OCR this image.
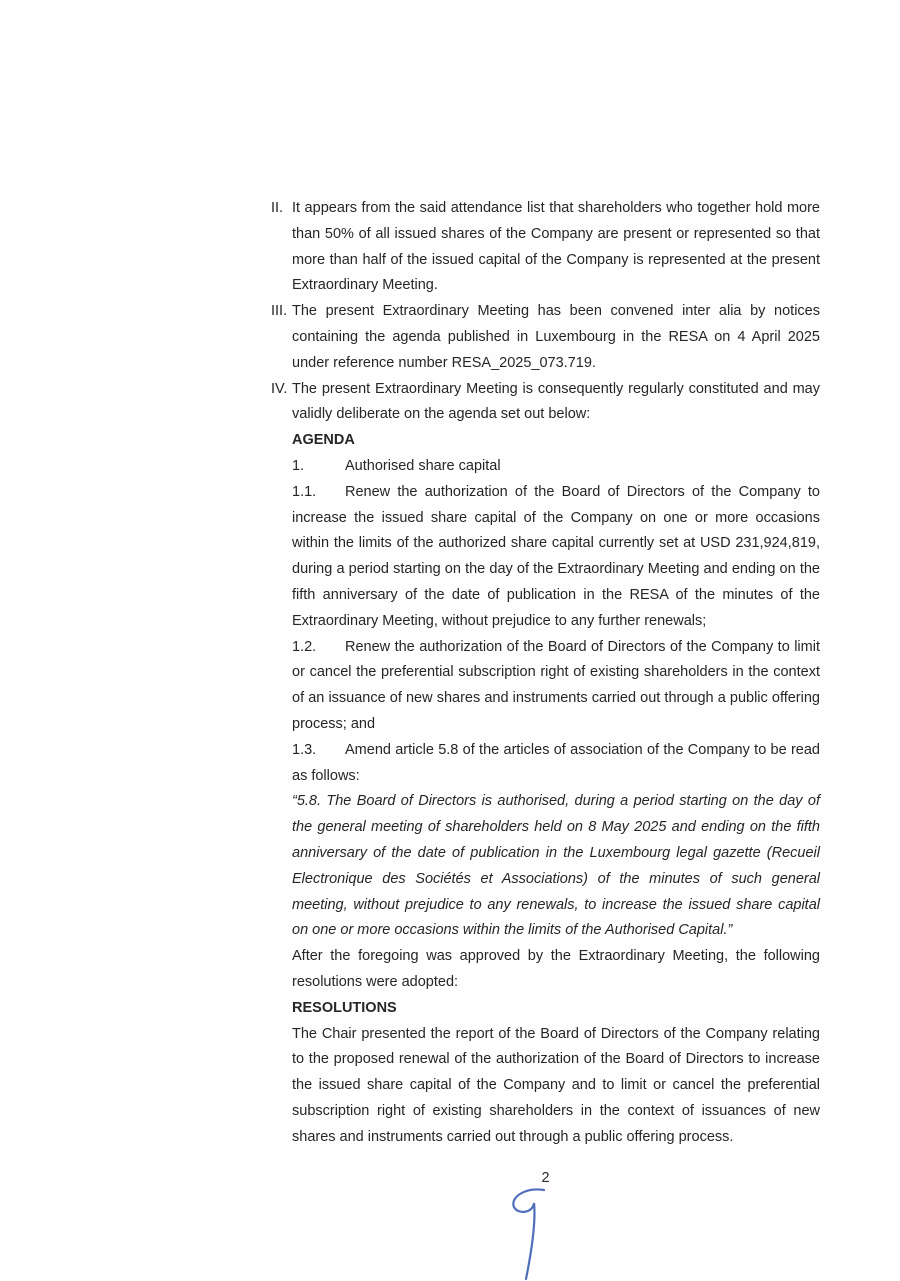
II. It appears from the said attendance list that shareholders who together hold more than 50% of all issued shares of the Company are present or represented so that more than half of the issued capital of the Company is represented at the present Extraordinary Meeting.

III. The present Extraordinary Meeting has been convened inter alia by notices containing the agenda published in Luxembourg in the RESA on 4 April 2025 under reference number RESA_2025_073.719.

IV. The present Extraordinary Meeting is consequently regularly constituted and may validly deliberate on the agenda set out below:

AGENDA

1.	Authorised share capital

1.1. Renew the authorization of the Board of Directors of the Company to increase the issued share capital of the Company on one or more occasions within the limits of the authorized share capital currently set at USD 231,924,819, during a period starting on the day of the Extraordinary Meeting and ending on the fifth anniversary of the date of publication in the RESA of the minutes of the Extraordinary Meeting, without prejudice to any further renewals;

1.2. Renew the authorization of the Board of Directors of the Company to limit or cancel the preferential subscription right of existing shareholders in the context of an issuance of new shares and instruments carried out through a public offering process; and

1.3. Amend article 5.8 of the articles of association of the Company to be read as follows:

“5.8. The Board of Directors is authorised, during a period starting on the day of the general meeting of shareholders held on 8 May 2025 and ending on the fifth anniversary of the date of publication in the Luxembourg legal gazette (Recueil Electronique des Sociétés et Associations) of the minutes of such general meeting, without prejudice to any renewals, to increase the issued share capital on one or more occasions within the limits of the Authorised Capital.”

After the foregoing was approved by the Extraordinary Meeting, the following resolutions were adopted:

RESOLUTIONS

The Chair presented the report of the Board of Directors of the Company relating to the proposed renewal of the authorization of the Board of Directors to increase the issued share capital of the Company and to limit or cancel the preferential subscription right of existing shareholders in the context of issuances of new shares and instruments carried out through a public offering process.

2
